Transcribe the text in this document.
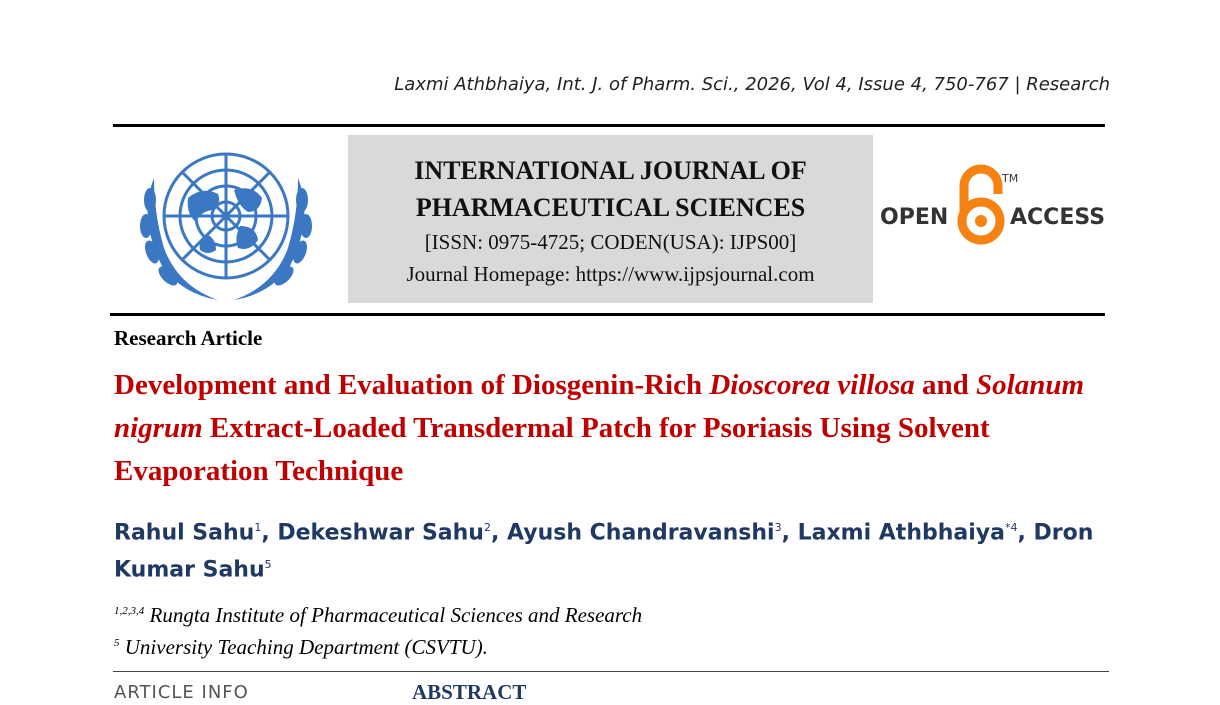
Laxmi Athbhaiya, Int. J. of Pharm. Sci., 2026, Vol 4, Issue 4, 750-767 | Research
INTERNATIONAL JOURNAL OF
PHARMACEUTICAL SCIENCES
[ISSN: 0975-4725; CODEN(USA): IJPS00]
Journal Homepage: https://www.ijpsjournal.com
OPEN
TM
ACCESS
Research Article
Development and Evaluation of Diosgenin-Rich Dioscorea villosa and Solanum nigrum Extract-Loaded Transdermal Patch for Psoriasis Using Solvent Evaporation Technique
Rahul Sahu$^1$, Dekeshwar Sahu$^2$, Ayush Chandravanshi$^3$, Laxmi Athbhaiya$^{*4}$, Dron Kumar Sahu$^5$
$^{1,2,3,4}$ Rungta Institute of Pharmaceutical Sciences and Research
$^5$ University Teaching Department (CSVTU).
ARTICLE INFO	ABSTRACT
